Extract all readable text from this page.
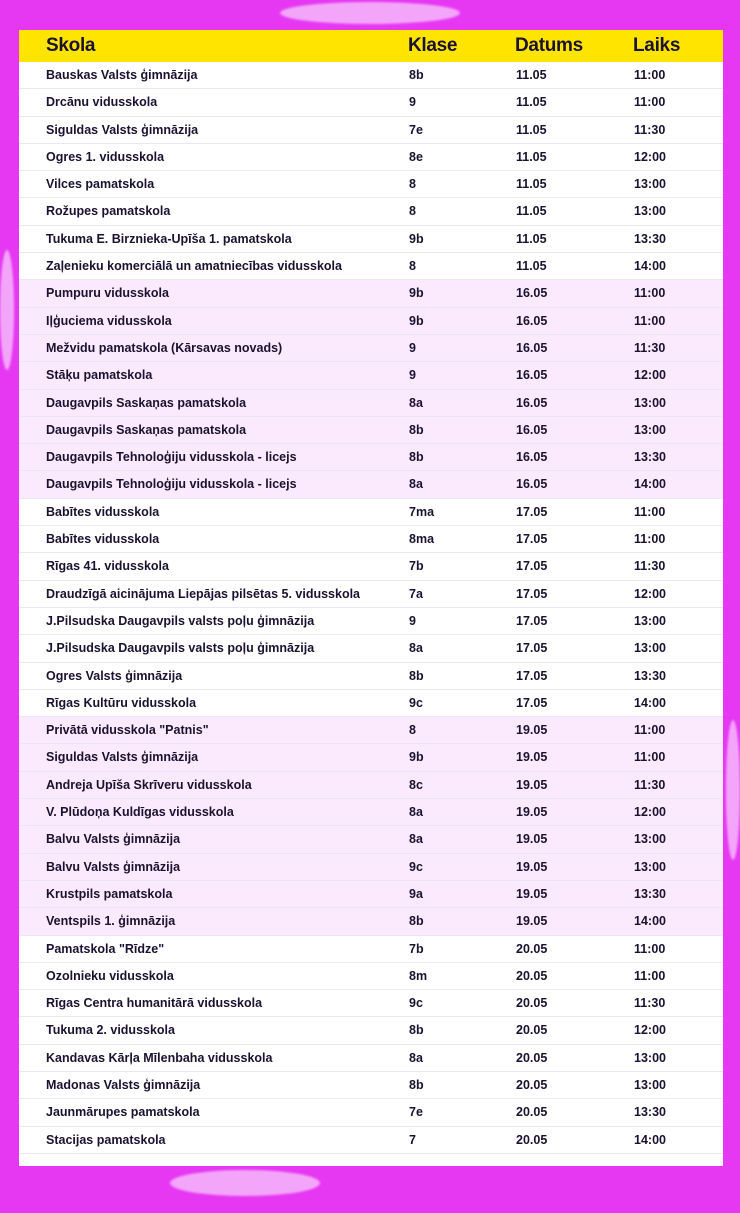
Skola	Klase	Datums	Laiks
Bauskas Valsts ģimnāzija	8b	11.05	11:00
Drcānu vidusskola	9	11.05	11:00
Siguldas Valsts ģimnāzija	7e	11.05	11:30
Ogres 1. vidusskola	8e	11.05	12:00
Vilces pamatskola	8	11.05	13:00
Rožupes pamatskola	8	11.05	13:00
Tukuma E. Birznieka-Upīša 1. pamatskola	9b	11.05	13:30
Zaļenieku komerciālā un amatniecības vidusskola	8	11.05	14:00
Pumpuru vidusskola	9b	16.05	11:00
Iļģuciema vidusskola	9b	16.05	11:00
Mežvidu pamatskola (Kārsavas novads)	9	16.05	11:30
Stāķu pamatskola	9	16.05	12:00
Daugavpils Saskaņas pamatskola	8a	16.05	13:00
Daugavpils Saskaņas pamatskola	8b	16.05	13:00
Daugavpils Tehnoloģiju vidusskola - licejs	8b	16.05	13:30
Daugavpils Tehnoloģiju vidusskola - licejs	8a	16.05	14:00
Babītes vidusskola	7ma	17.05	11:00
Babītes vidusskola	8ma	17.05	11:00
Rīgas 41. vidusskola	7b	17.05	11:30
Draudzīgā aicinājuma Liepājas pilsētas 5. vidusskola	7a	17.05	12:00
J.Pilsudska Daugavpils valsts poļu ģimnāzija	9	17.05	13:00
J.Pilsudska Daugavpils valsts poļu ģimnāzija	8a	17.05	13:00
Ogres Valsts ģimnāzija	8b	17.05	13:30
Rīgas Kultūru vidusskola	9c	17.05	14:00
Privātā vidusskola "Patnis"	8	19.05	11:00
Siguldas Valsts ģimnāzija	9b	19.05	11:00
Andreja Upīša Skrīveru vidusskola	8c	19.05	11:30
V. Plūdoņa Kuldīgas vidusskola	8a	19.05	12:00
Balvu Valsts ģimnāzija	8a	19.05	13:00
Balvu Valsts ģimnāzija	9c	19.05	13:00
Krustpils pamatskola	9a	19.05	13:30
Ventspils 1. ģimnāzija	8b	19.05	14:00
Pamatskola "Rīdze"	7b	20.05	11:00
Ozolnieku vidusskola	8m	20.05	11:00
Rīgas Centra humanitārā vidusskola	9c	20.05	11:30
Tukuma 2. vidusskola	8b	20.05	12:00
Kandavas Kārļa Mīlenbaha vidusskola	8a	20.05	13:00
Madonas Valsts ģimnāzija	8b	20.05	13:00
Jaunmārupes pamatskola	7e	20.05	13:30
Stacijas pamatskola	7	20.05	14:00
